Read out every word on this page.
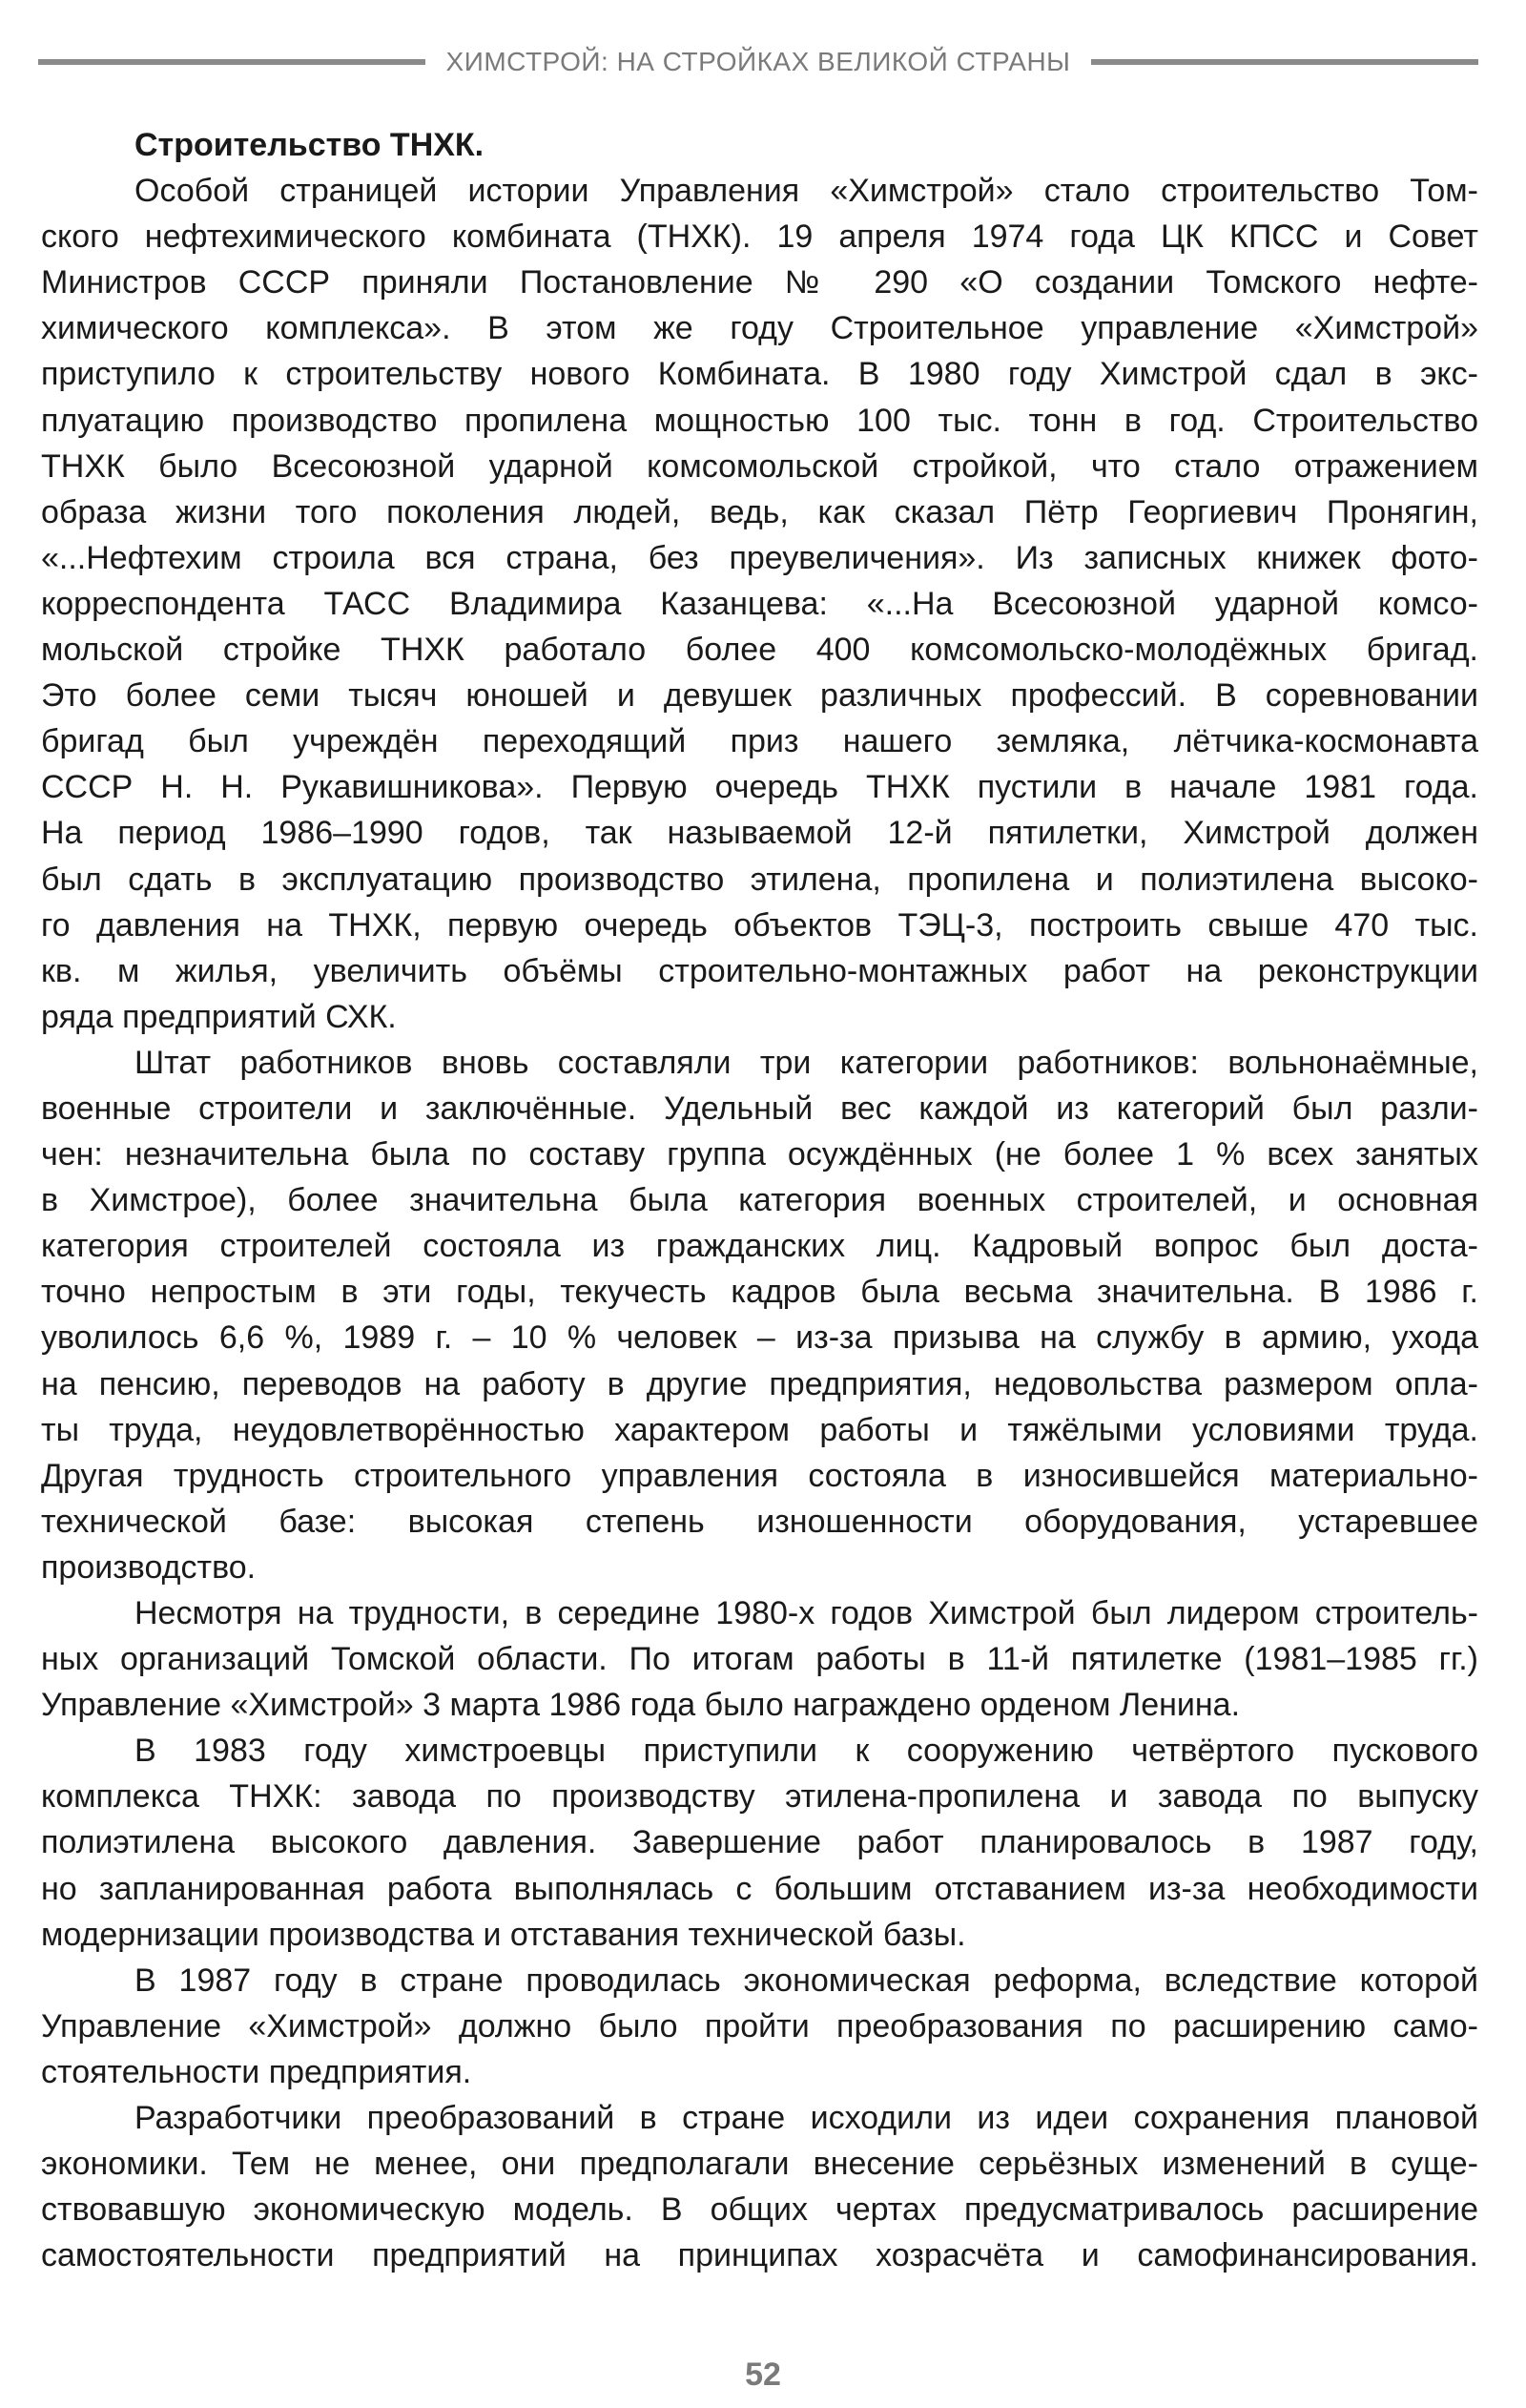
ХИМСТРОЙ: НА СТРОЙКАХ ВЕЛИКОЙ СТРАНЫ
Строительство ТНХК.
Особой страницей истории Управления «Химстрой» стало строительство Том-
ского нефтехимического комбината (ТНХК). 19 апреля 1974 года ЦК КПСС и Совет
Министров СССР приняли Постановление № 290 «О создании Томского нефте-
химического комплекса». В этом же году Строительное управление «Химстрой»
приступило к строительству нового Комбината. В 1980 году Химстрой сдал в экс-
плуатацию производство пропилена мощностью 100 тыс. тонн в год. Строительство
ТНХК было Всесоюзной ударной комсомольской стройкой, что стало отражением
образа жизни того поколения людей, ведь, как сказал Пётр Георгиевич Пронягин,
«...Нефтехим строила вся страна, без преувеличения». Из записных книжек фото-
корреспондента ТАСС Владимира Казанцева: «...На Всесоюзной ударной комсо-
мольской стройке ТНХК работало более 400 комсомольско-молодёжных бригад.
Это более семи тысяч юношей и девушек различных профессий. В соревновании
бригад был учреждён переходящий приз нашего земляка, лётчика-космонавта
СССР Н. Н. Рукавишникова». Первую очередь ТНХК пустили в начале 1981 года.
На период 1986–1990 годов, так называемой 12-й пятилетки, Химстрой должен
был сдать в эксплуатацию производство этилена, пропилена и полиэтилена высоко-
го давления на ТНХК, первую очередь объектов ТЭЦ-3, построить свыше 470 тыс.
кв. м жилья, увеличить объёмы строительно-монтажных работ на реконструкции
ряда предприятий СХК.
Штат работников вновь составляли три категории работников: вольнонаёмные,
военные строители и заключённые. Удельный вес каждой из категорий был разли-
чен: незначительна была по составу группа осуждённых (не более 1 % всех занятых
в Химстрое), более значительна была категория военных строителей, и основная
категория строителей состояла из гражданских лиц. Кадровый вопрос был доста-
точно непростым в эти годы, текучесть кадров была весьма значительна. В 1986 г.
уволилось 6,6 %, 1989 г. – 10 % человек – из-за призыва на службу в армию, ухода
на пенсию, переводов на работу в другие предприятия, недовольства размером опла-
ты труда, неудовлетворённостью характером работы и тяжёлыми условиями труда.
Другая трудность строительного управления состояла в износившейся материально-
технической базе: высокая степень изношенности оборудования, устаревшее
производство.
Несмотря на трудности, в середине 1980-х годов Химстрой был лидером строитель-
ных организаций Томской области. По итогам работы в 11-й пятилетке (1981–1985 гг.)
Управление «Химстрой» 3 марта 1986 года было награждено орденом Ленина.
В 1983 году химстроевцы приступили к сооружению четвёртого пускового
комплекса ТНХК: завода по производству этилена-пропилена и завода по выпуску
полиэтилена высокого давления. Завершение работ планировалось в 1987 году,
но запланированная работа выполнялась с большим отставанием из-за необходимости
модернизации производства и отставания технической базы.
В 1987 году в стране проводилась экономическая реформа, вследствие которой
Управление «Химстрой» должно было пройти преобразования по расширению само-
стоятельности предприятия.
Разработчики преобразований в стране исходили из идеи сохранения плановой
экономики. Тем не менее, они предполагали внесение серьёзных изменений в суще-
ствовавшую экономическую модель. В общих чертах предусматривалось расширение
самостоятельности предприятий на принципах хозрасчёта и самофинансирования.
52
